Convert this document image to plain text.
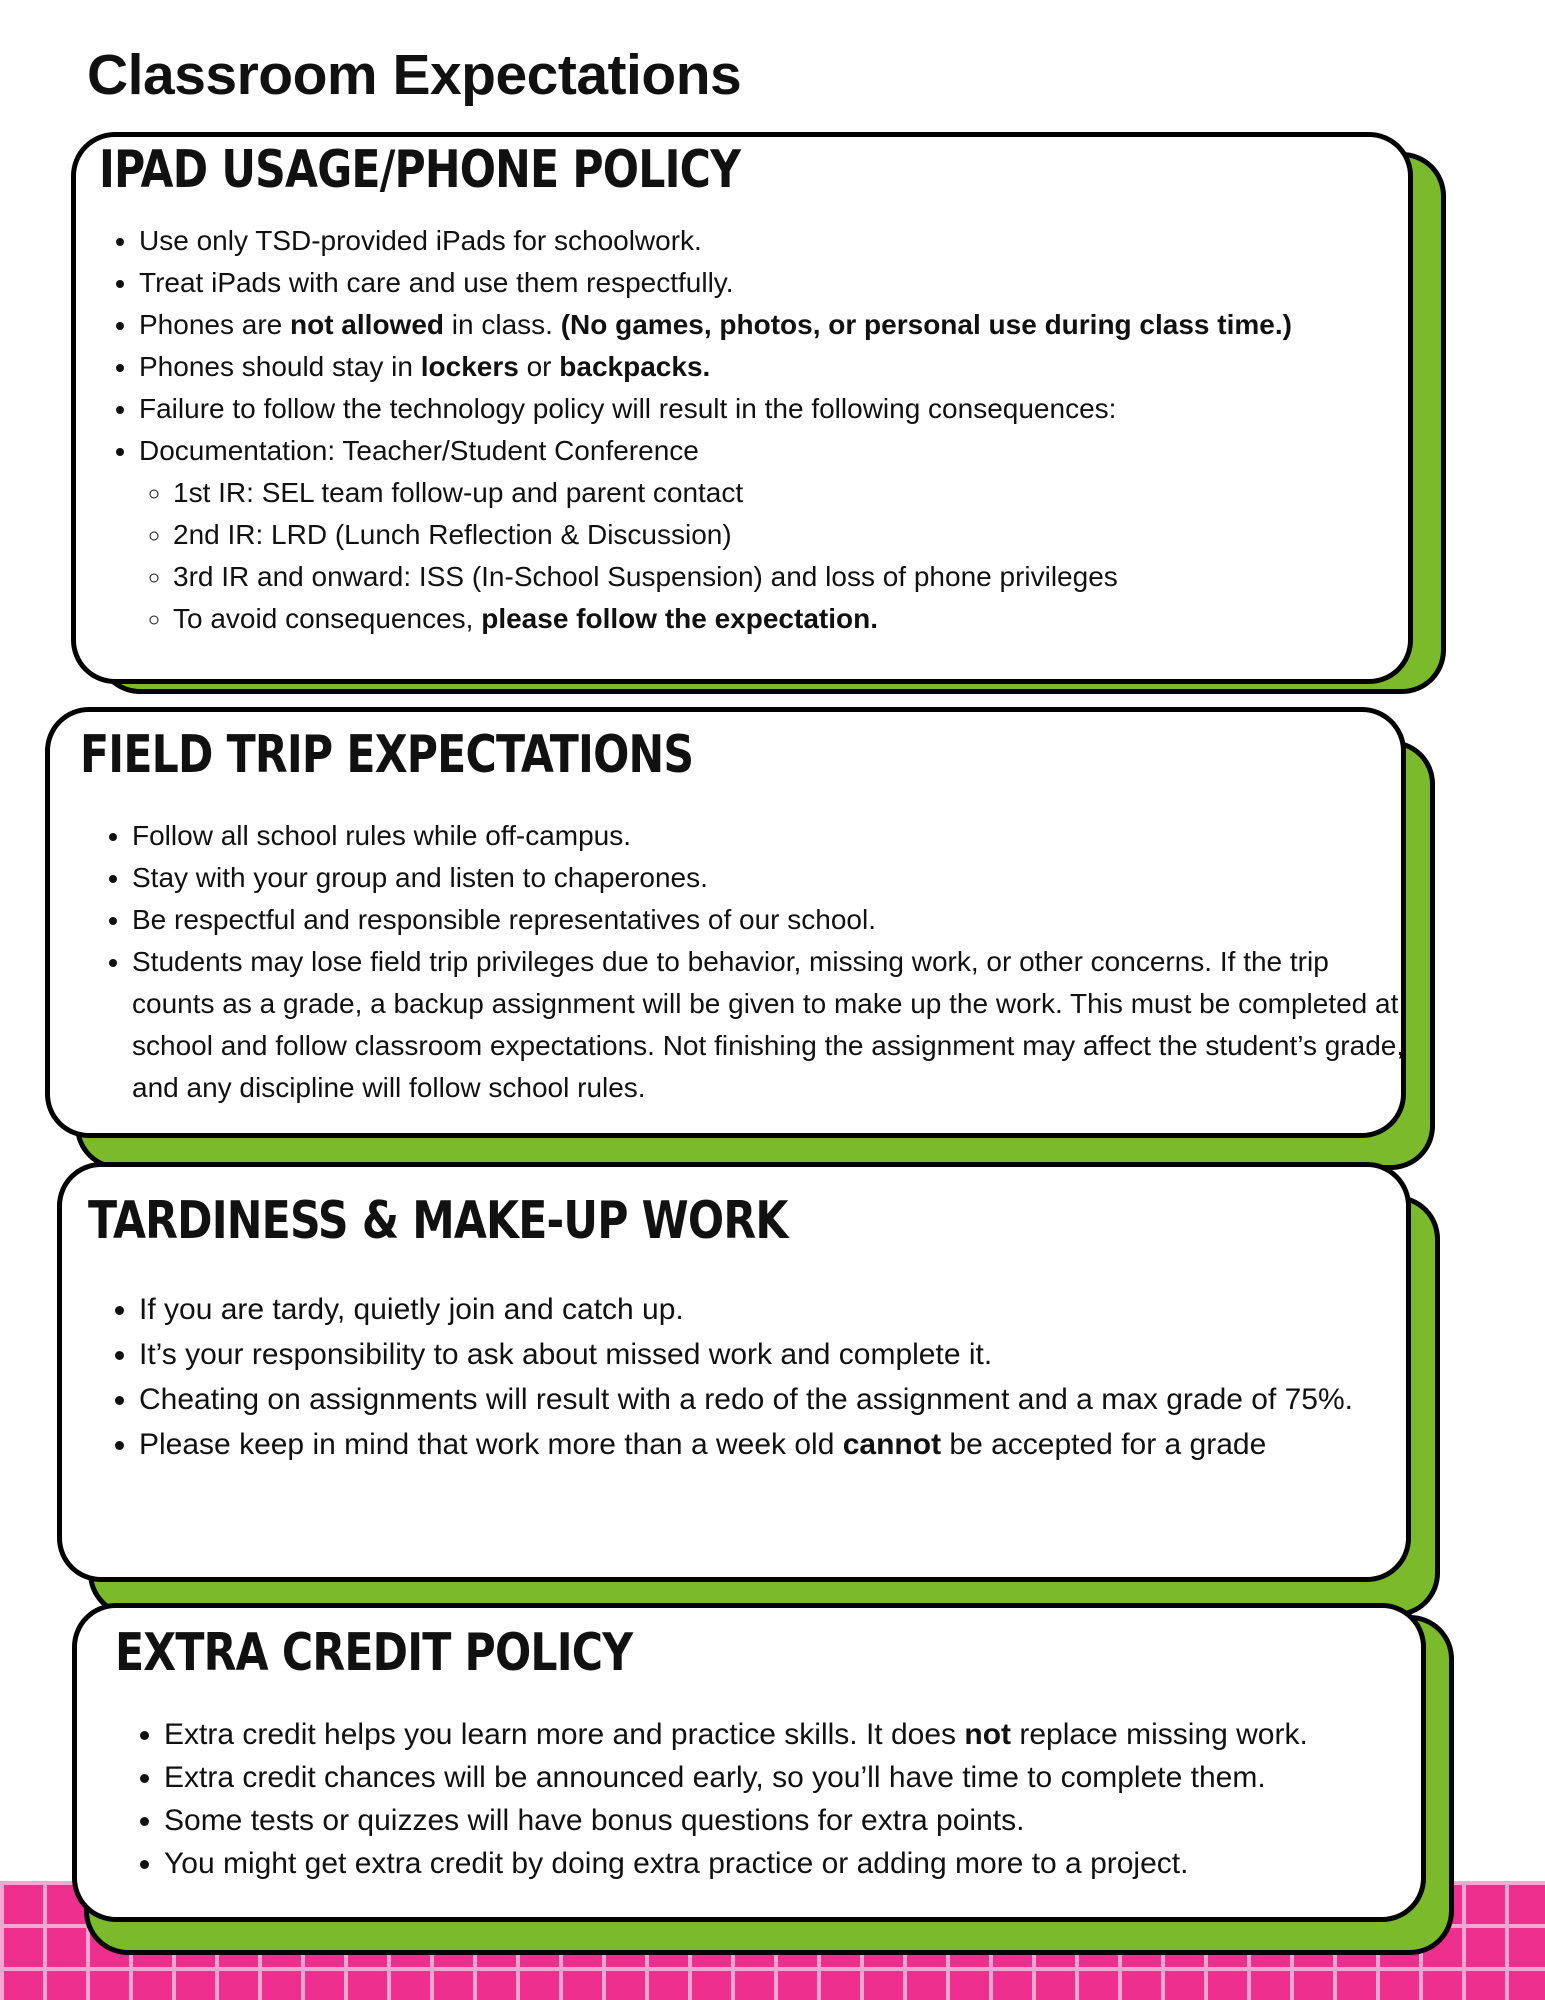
Classroom Expectations
IPAD USAGE/PHONE POLICY
• Use only TSD-provided iPads for schoolwork.
• Treat iPads with care and use them respectfully.
• Phones are not allowed in class. (No games, photos, or personal use during class time.)
• Phones should stay in lockers or backpacks.
• Failure to follow the technology policy will result in the following consequences:
• Documentation: Teacher/Student Conference
◦ 1st IR: SEL team follow-up and parent contact
◦ 2nd IR: LRD (Lunch Reflection & Discussion)
◦ 3rd IR and onward: ISS (In-School Suspension) and loss of phone privileges
◦ To avoid consequences, please follow the expectation.
FIELD TRIP EXPECTATIONS
• Follow all school rules while off-campus.
• Stay with your group and listen to chaperones.
• Be respectful and responsible representatives of our school.
• Students may lose field trip privileges due to behavior, missing work, or other concerns. If the trip counts as a grade, a backup assignment will be given to make up the work. This must be completed at school and follow classroom expectations. Not finishing the assignment may affect the student’s grade, and any discipline will follow school rules.
TARDINESS & MAKE-UP WORK
• If you are tardy, quietly join and catch up.
• It’s your responsibility to ask about missed work and complete it.
• Cheating on assignments will result with a redo of the assignment and a max grade of 75%.
• Please keep in mind that work more than a week old cannot be accepted for a grade
EXTRA CREDIT POLICY
• Extra credit helps you learn more and practice skills. It does not replace missing work.
• Extra credit chances will be announced early, so you’ll have time to complete them.
• Some tests or quizzes will have bonus questions for extra points.
• You might get extra credit by doing extra practice or adding more to a project.
